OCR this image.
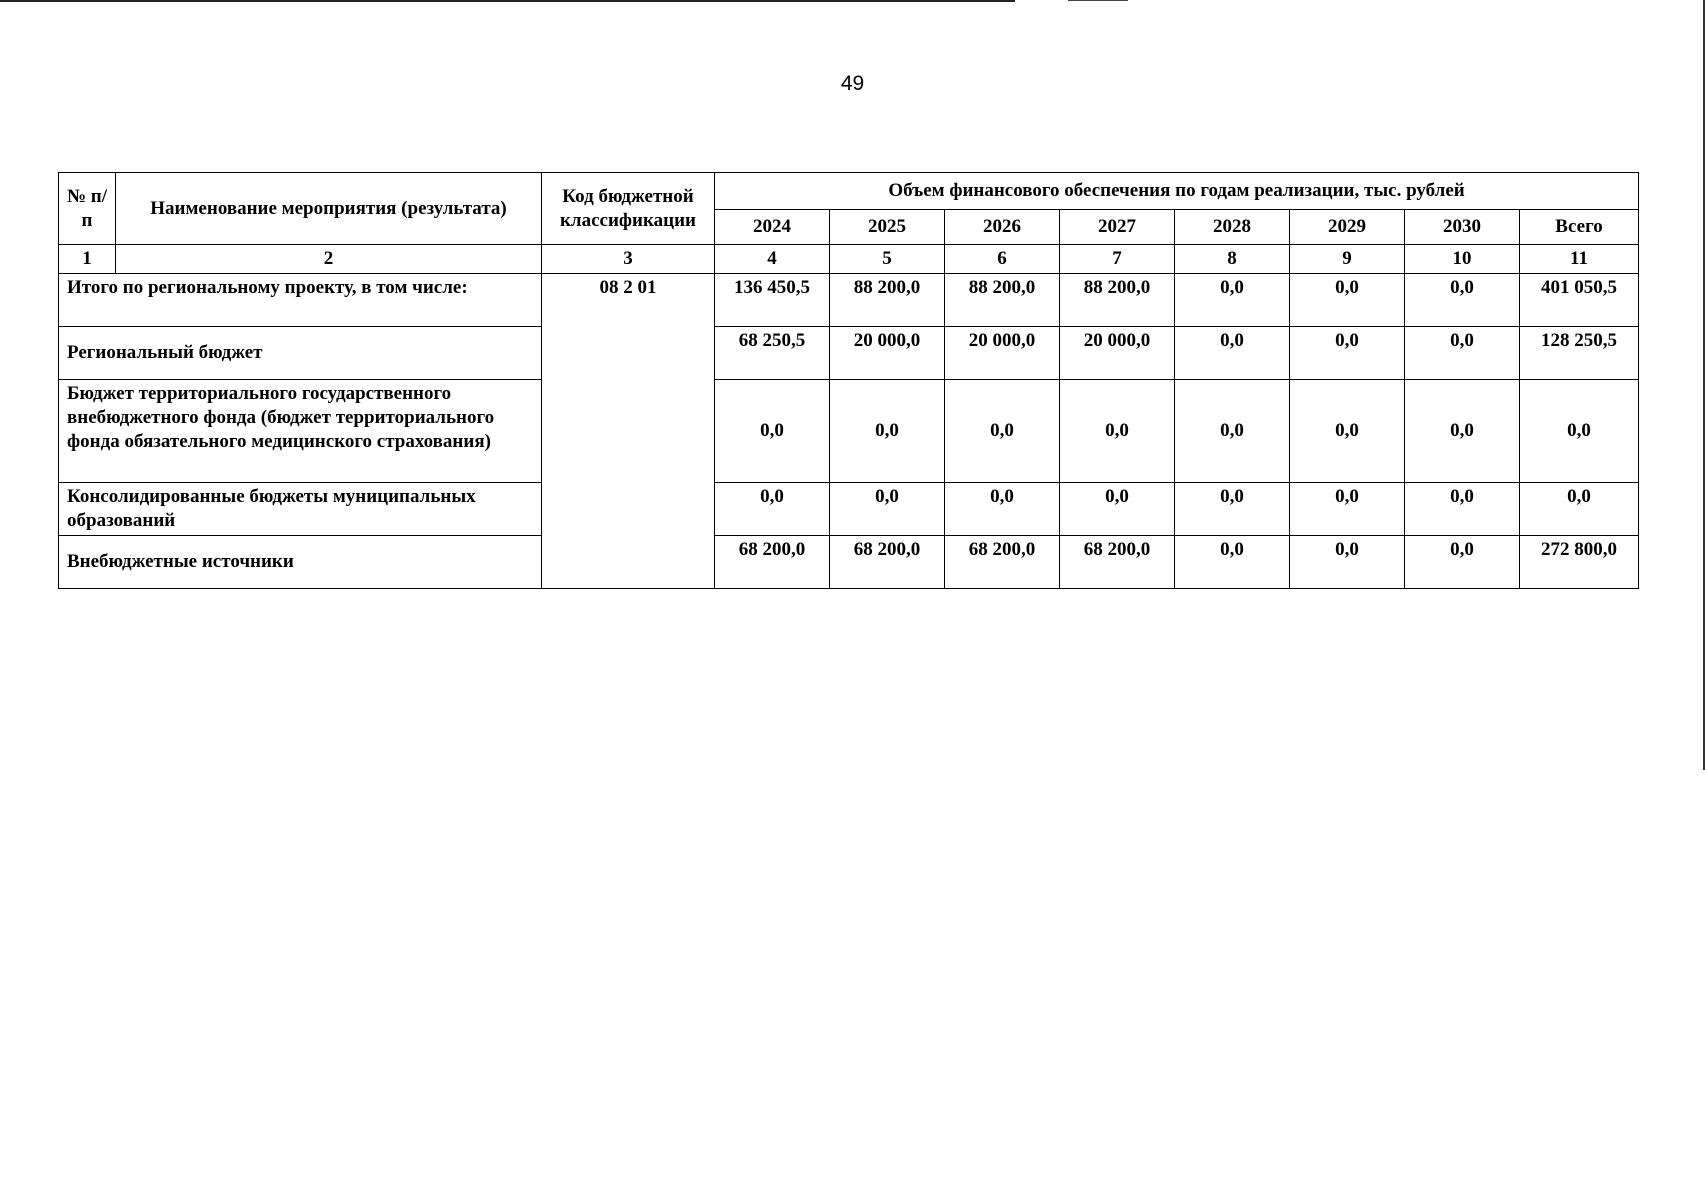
49
№ п/п	Наименование мероприятия (результата)	Код бюджетной классификации	Объем финансового обеспечения по годам реализации, тыс. рублей							
			2024	2025	2026	2027	2028	2029	2030	Всего
1	2	3	4	5	6	7	8	9	10	11
Итого по региональному проекту, в том числе:		08 2 01	136 450,5	88 200,0	88 200,0	88 200,0	0,0	0,0	0,0	401 050,5
Региональный бюджет			68 250,5	20 000,0	20 000,0	20 000,0	0,0	0,0	0,0	128 250,5
Бюджет территориального государственного внебюджетного фонда (бюджет территориального фонда обязательного медицинского страхования)			0,0	0,0	0,0	0,0	0,0	0,0	0,0	0,0
Консолидированные бюджеты муниципальных образований			0,0	0,0	0,0	0,0	0,0	0,0	0,0	0,0
Внебюджетные источники			68 200,0	68 200,0	68 200,0	68 200,0	0,0	0,0	0,0	272 800,0
